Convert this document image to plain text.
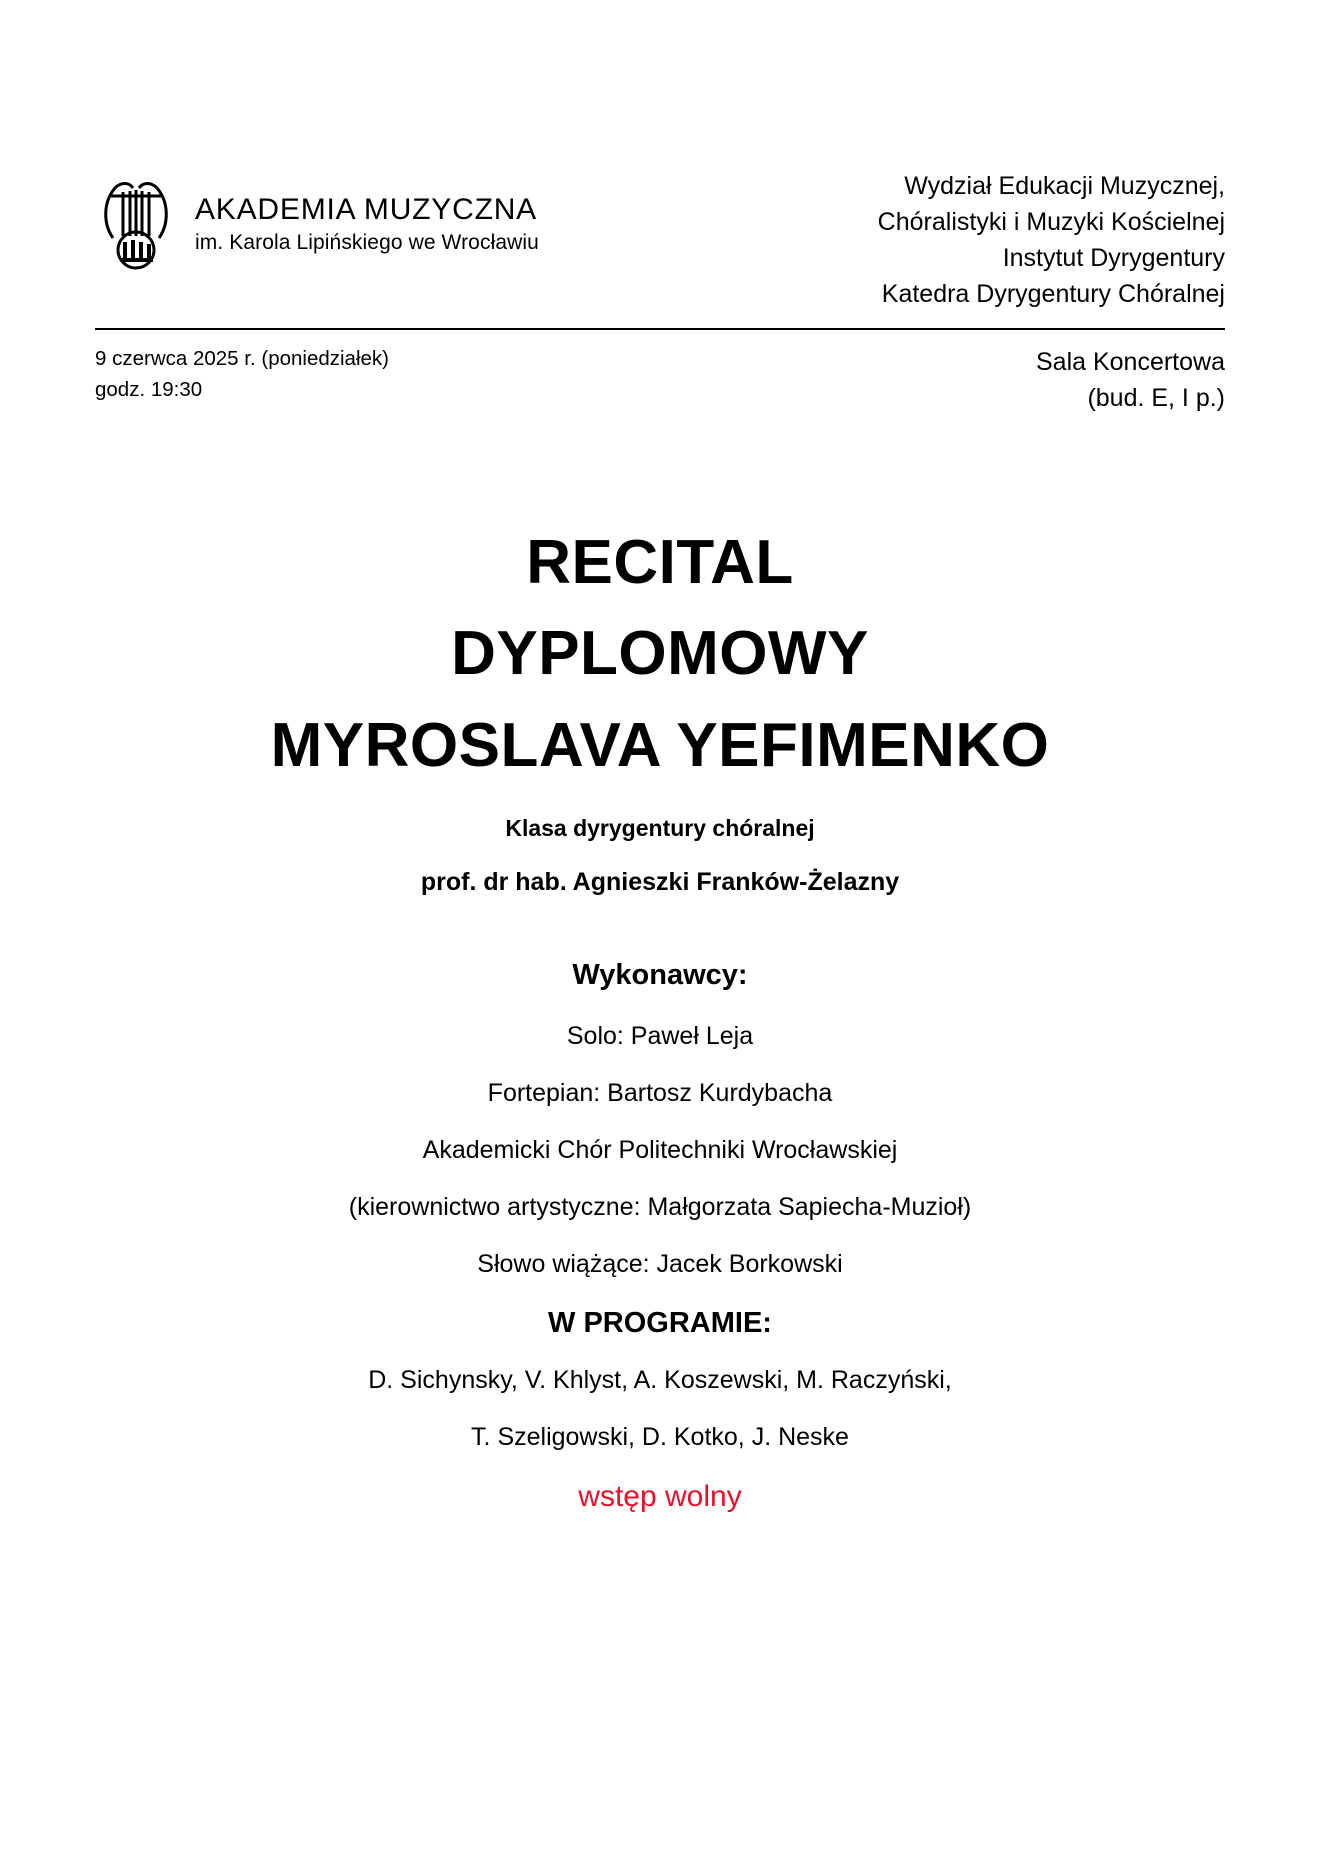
AKADEMIA MUZYCZNA
im. Karola Lipińskiego we Wrocławiu
Wydział Edukacji Muzycznej,
Chóralistyki i Muzyki Kościelnej
Instytut Dyrygentury
Katedra Dyrygentury Chóralnej
9 czerwca 2025 r. (poniedziałek)
godz. 19:30
Sala Koncertowa
(bud. E, I p.)
RECITAL
DYPLOMOWY
MYROSLAVA YEFIMENKO
Klasa dyrygentury chóralnej
prof. dr hab. Agnieszki Franków-Żelazny
Wykonawcy:
Solo: Paweł Leja
Fortepian: Bartosz Kurdybacha
Akademicki Chór Politechniki Wrocławskiej
(kierownictwo artystyczne: Małgorzata Sapiecha-Muzioł)
Słowo wiążące: Jacek Borkowski
W PROGRAMIE:
D. Sichynsky, V. Khlyst, A. Koszewski, M. Raczyński,
T. Szeligowski, D. Kotko, J. Neske
wstęp wolny
